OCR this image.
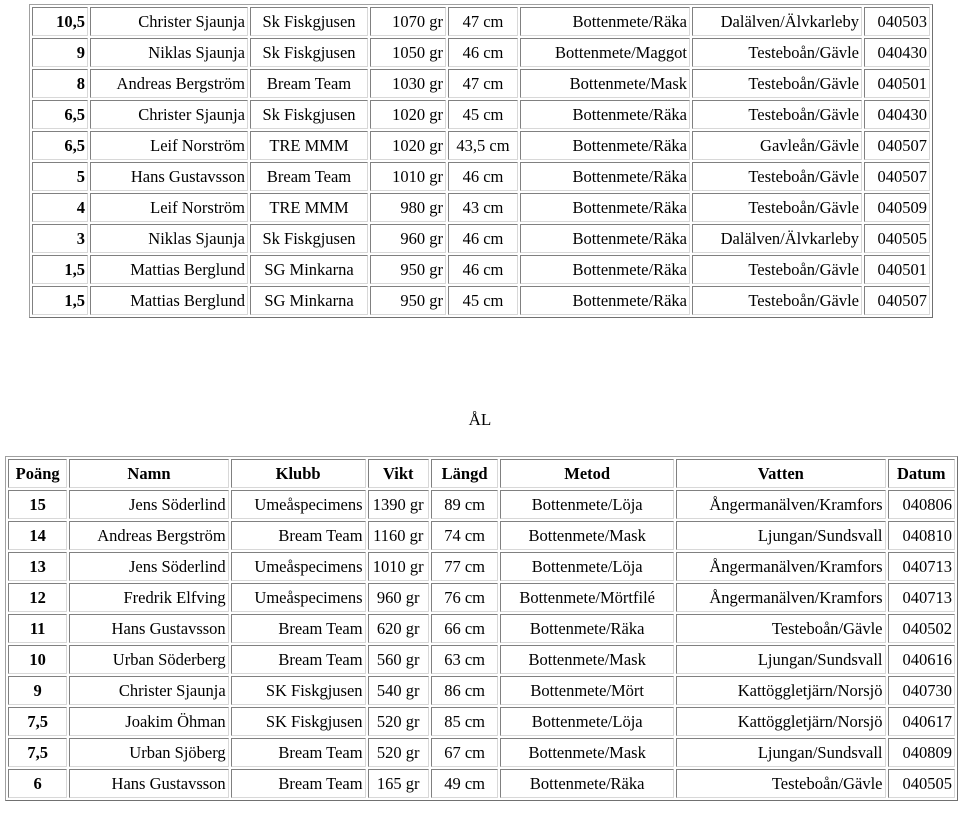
10,5	Christer Sjaunja	Sk Fiskgjusen	1070 gr	47 cm	Bottenmete/Räka	Dalälven/Älvkarleby	040503
9	Niklas Sjaunja	Sk Fiskgjusen	1050 gr	46 cm	Bottenmete/Maggot	Testeboån/Gävle	040430
8	Andreas Bergström	Bream Team	1030 gr	47 cm	Bottenmete/Mask	Testeboån/Gävle	040501
6,5	Christer Sjaunja	Sk Fiskgjusen	1020 gr	45 cm	Bottenmete/Räka	Testeboån/Gävle	040430
6,5	Leif Norström	TRE MMM	1020 gr	43,5 cm	Bottenmete/Räka	Gavleån/Gävle	040507
5	Hans Gustavsson	Bream Team	1010 gr	46 cm	Bottenmete/Räka	Testeboån/Gävle	040507
4	Leif Norström	TRE MMM	980 gr	43 cm	Bottenmete/Räka	Testeboån/Gävle	040509
3	Niklas Sjaunja	Sk Fiskgjusen	960 gr	46 cm	Bottenmete/Räka	Dalälven/Älvkarleby	040505
1,5	Mattias Berglund	SG Minkarna	950 gr	46 cm	Bottenmete/Räka	Testeboån/Gävle	040501
1,5	Mattias Berglund	SG Minkarna	950 gr	45 cm	Bottenmete/Räka	Testeboån/Gävle	040507
ÅL
Poäng	Namn	Klubb	Vikt	Längd	Metod	Vatten	Datum
15	Jens Söderlind	Umeåspecimens	1390 gr	89 cm	Bottenmete/Löja	Ångermanälven/Kramfors	040806
14	Andreas Bergström	Bream Team	1160 gr	74 cm	Bottenmete/Mask	Ljungan/Sundsvall	040810
13	Jens Söderlind	Umeåspecimens	1010 gr	77 cm	Bottenmete/Löja	Ångermanälven/Kramfors	040713
12	Fredrik Elfving	Umeåspecimens	960 gr	76 cm	Bottenmete/Mörtfilé	Ångermanälven/Kramfors	040713
11	Hans Gustavsson	Bream Team	620 gr	66 cm	Bottenmete/Räka	Testeboån/Gävle	040502
10	Urban Söderberg	Bream Team	560 gr	63 cm	Bottenmete/Mask	Ljungan/Sundsvall	040616
9	Christer Sjaunja	SK Fiskgjusen	540 gr	86 cm	Bottenmete/Mört	Kattöggletjärn/Norsjö	040730
7,5	Joakim Öhman	SK Fiskgjusen	520 gr	85 cm	Bottenmete/Löja	Kattöggletjärn/Norsjö	040617
7,5	Urban Sjöberg	Bream Team	520 gr	67 cm	Bottenmete/Mask	Ljungan/Sundsvall	040809
6	Hans Gustavsson	Bream Team	165 gr	49 cm	Bottenmete/Räka	Testeboån/Gävle	040505
